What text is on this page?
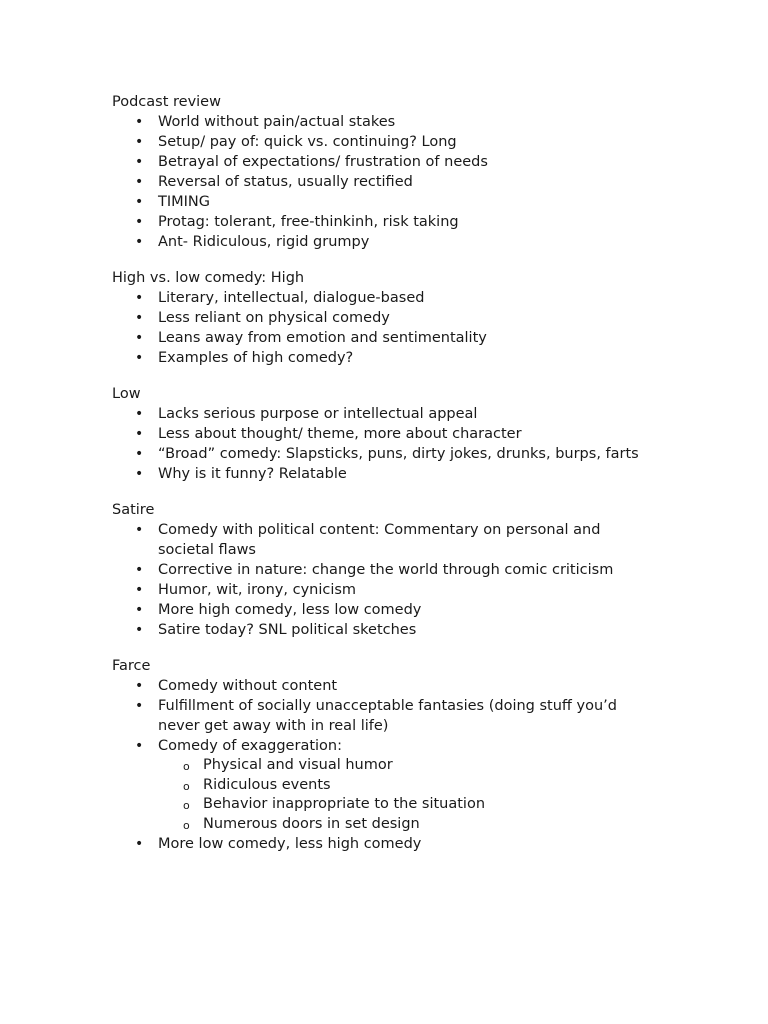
Podcast review
• World without pain/actual stakes
• Setup/ pay of: quick vs. continuing? Long
• Betrayal of expectations/ frustration of needs
• Reversal of status, usually rectified
• TIMING
• Protag: tolerant, free-thinkinh, risk taking
• Ant- Ridiculous, rigid grumpy
High vs. low comedy: High
• Literary, intellectual, dialogue-based
• Less reliant on physical comedy
• Leans away from emotion and sentimentality
• Examples of high comedy?
Low
• Lacks serious purpose or intellectual appeal
• Less about thought/ theme, more about character
• “Broad” comedy: Slapsticks, puns, dirty jokes, drunks, burps, farts
• Why is it funny? Relatable
Satire
• Comedy with political content: Commentary on personal and societal flaws
• Corrective in nature: change the world through comic criticism
• Humor, wit, irony, cynicism
• More high comedy, less low comedy
• Satire today? SNL political sketches
Farce
• Comedy without content
• Fulfillment of socially unacceptable fantasies (doing stuff you’d never get away with in real life)
• Comedy of exaggeration:
o Physical and visual humor
o Ridiculous events
o Behavior inappropriate to the situation
o Numerous doors in set design
• More low comedy, less high comedy
